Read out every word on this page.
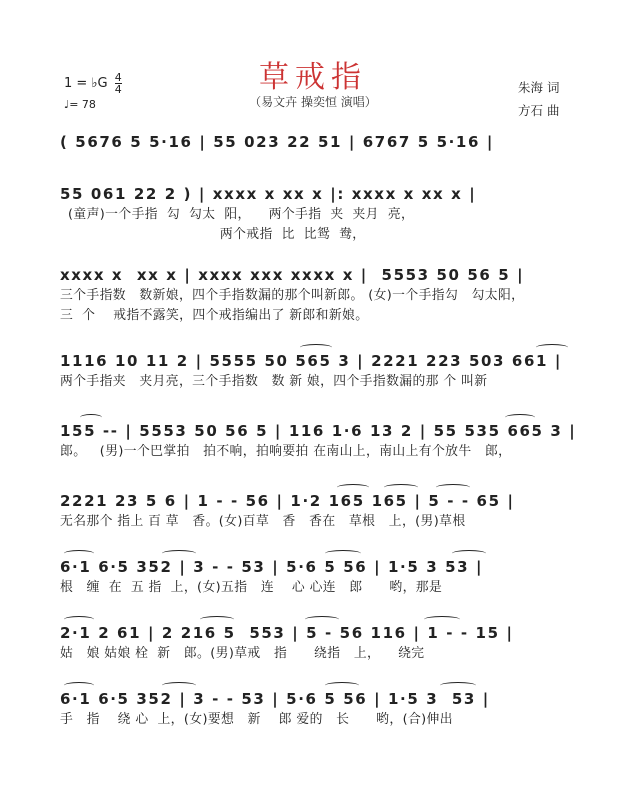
草戒指
（易文卉 操奕恒 演唱）
1 = ♭G $\frac{4}{4}$
♩= 78
朱海 词
方石 曲
( 5676 5 5·16 | 55 023 22 51 | 6767 5 5·16 |
55 061 22 2 ) | xxxx x xx x |: xxxx x xx x |
(童声)一个手指  勾  勾太  阳，    两个手指  夹  夹月  亮，
两个戒指  比  比鸳  鸯，
xxxx x  xx x | xxxx xxx xxxx x |  5553 50 56 5 |
三个手指数   数新娘，四个手指数漏的那个叫新郎。 (女)一个手指勾   勾太阳，
三  个    戒指不露笑，四个戒指编出了 新郎和新娘。
1116 10 11 2 | 5555 50 565 3 | 2221 223 503 661 |
两个手指夹   夹月亮，三个手指数   数 新 娘，四个手指数漏的那 个 叫新
155 -- | 5553 50 56 5 | 116 1·6 13 2 | 55 535 665 3 |
郎。   (男)一个巴掌拍   拍不响，拍响要拍 在南山上，南山上有个放牛   郎，
2221 23 5 6 | 1 - - 56 | 1·2 165 165 | 5 - - 65 |
无名那个 指上 百 草   香。(女)百草   香   香在   草根   上，(男)草根
6·1 6·5 352 | 3 - - 53 | 5·6 5 56 | 1·5 3 53 |
根   缠  在  五 指  上，(女)五指   连    心 心连   郎      哟，那是
2·1 2 61 | 2 216 5  553 | 5 - 56 116 | 1 - - 15 |
姑   娘 姑娘 栓  新   郎。(男)草戒   指      绕指   上，    绕完
6·1 6·5 352 | 3 - - 53 | 5·6 5 56 | 1·5 3  53 |
手   指    绕 心  上，(女)要想   新    郎 爱的   长      哟，(合)伸出
